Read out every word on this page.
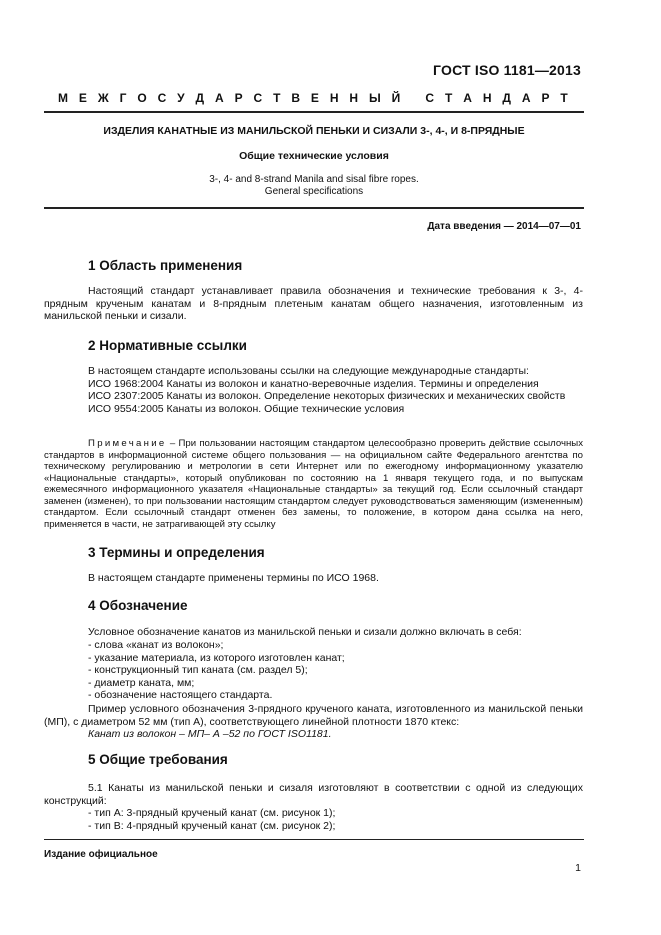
ГОСТ ISO 1181—2013
М Е Ж Г О С У Д А Р С Т В Е Н Н Ы Й
С Т А Н Д А Р Т
ИЗДЕЛИЯ КАНАТНЫЕ ИЗ МАНИЛЬСКОЙ ПЕНЬКИ И СИЗАЛИ 3-, 4-, И 8-ПРЯДНЫЕ
Общие технические условия
3-, 4- and 8-strand Manila and sisal fibre ropes.
General specifications
Дата введения — 2014—07—01
1 Область применения

Настоящий стандарт устанавливает правила обозначения и технические требования к 3-, 4-прядным крученым канатам и 8-прядным плетеным канатам общего назначения, изготовленным из манильской пеньки и сизали.

2 Нормативные ссылки

В настоящем стандарте использованы ссылки на следующие международные стандарты:

ИСО 1968:2004 Канаты из волокон и канатно-веревочные изделия. Термины и определения

ИСО 2307:2005 Канаты из волокон. Определение некоторых физических и механических свойств

ИСО 9554:2005 Канаты из волокон. Общие технические условия

Примечание – При пользовании настоящим стандартом целесообразно проверить действие ссылочных стандартов в информационной системе общего пользования — на официальном сайте Федерального агентства по техническому регулированию и метрологии в сети Интернет или по ежегодному информационному указателю «Национальные стандарты», который опубликован по состоянию на 1 января текущего года, и по выпускам ежемесячного информационного указателя «Национальные стандарты» за текущий год. Если ссылочный стандарт заменен (изменен), то при пользовании настоящим стандартом следует руководствоваться заменяющим (измененным) стандартом. Если ссылочный стандарт отменен без замены, то положение, в котором дана ссылка на него, применяется в части, не затрагивающей эту ссылку

3 Термины и определения

В настоящем стандарте применены термины по ИСО 1968.

4 Обозначение

Условное обозначение канатов из манильской пеньки и сизали должно включать в себя:

- слова «канат из волокон»;
- указание материала, из которого изготовлен канат;
- конструкционный тип каната (см. раздел 5);
- диаметр каната, мм;
- обозначение настоящего стандарта.

Пример условного обозначения 3-прядного крученого каната, изготовленного из манильской пеньки (МП), с диаметром 52 мм (тип А), соответствующего линейной плотности 1870 ктекс:

Канат из волокон – МП– А –52 по ГОСТ ISO1181.

5 Общие требования

5.1 Канаты из манильской пеньки и сизаля изготовляют в соответствии с одной из следующих конструкций:

- тип А: 3-прядный крученый канат (см. рисунок 1);
- тип В: 4-прядный крученый канат (см. рисунок 2);
Издание официальное
1
